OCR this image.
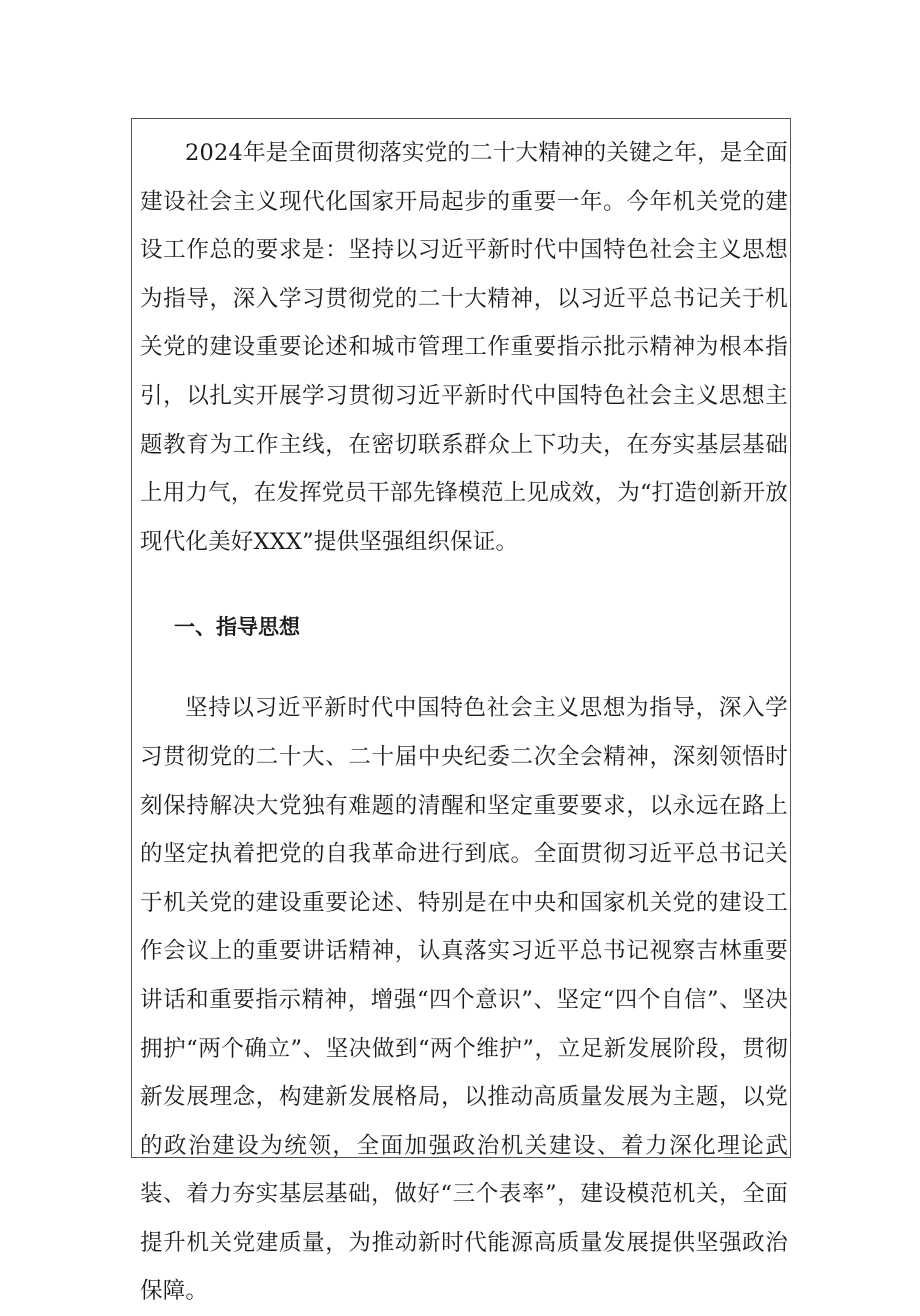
2024年是全面贯彻落实党的二十大精神的关键之年，是全面建设社会主义现代化国家开局起步的重要一年。今年机关党的建设工作总的要求是：坚持以习近平新时代中国特色社会主义思想为指导，深入学习贯彻党的二十大精神，以习近平总书记关于机关党的建设重要论述和城市管理工作重要指示批示精神为根本指引，以扎实开展学习贯彻习近平新时代中国特色社会主义思想主题教育为工作主线，在密切联系群众上下功夫，在夯实基层基础上用力气，在发挥党员干部先锋模范上见成效，为“打造创新开放现代化美好XXX”提供坚强组织保证。

一、指导思想

坚持以习近平新时代中国特色社会主义思想为指导，深入学习贯彻党的二十大、二十届中央纪委二次全会精神，深刻领悟时刻保持解决大党独有难题的清醒和坚定重要要求，以永远在路上的坚定执着把党的自我革命进行到底。全面贯彻习近平总书记关于机关党的建设重要论述、特别是在中央和国家机关党的建设工作会议上的重要讲话精神，认真落实习近平总书记视察吉林重要讲话和重要指示精神，增强“四个意识”、坚定“四个自信”、坚决拥护“两个确立”、坚决做到“两个维护”，立足新发展阶段，贯彻新发展理念，构建新发展格局，以推动高质量发展为主题，以党的政治建设为统领，全面加强政治机关建设、着力深化理论武装、着力夯实基层基础，做好“三个表率”，建设模范机关，全面提升机关党建质量，为推动新时代能源高质量发展提供坚强政治保障。
